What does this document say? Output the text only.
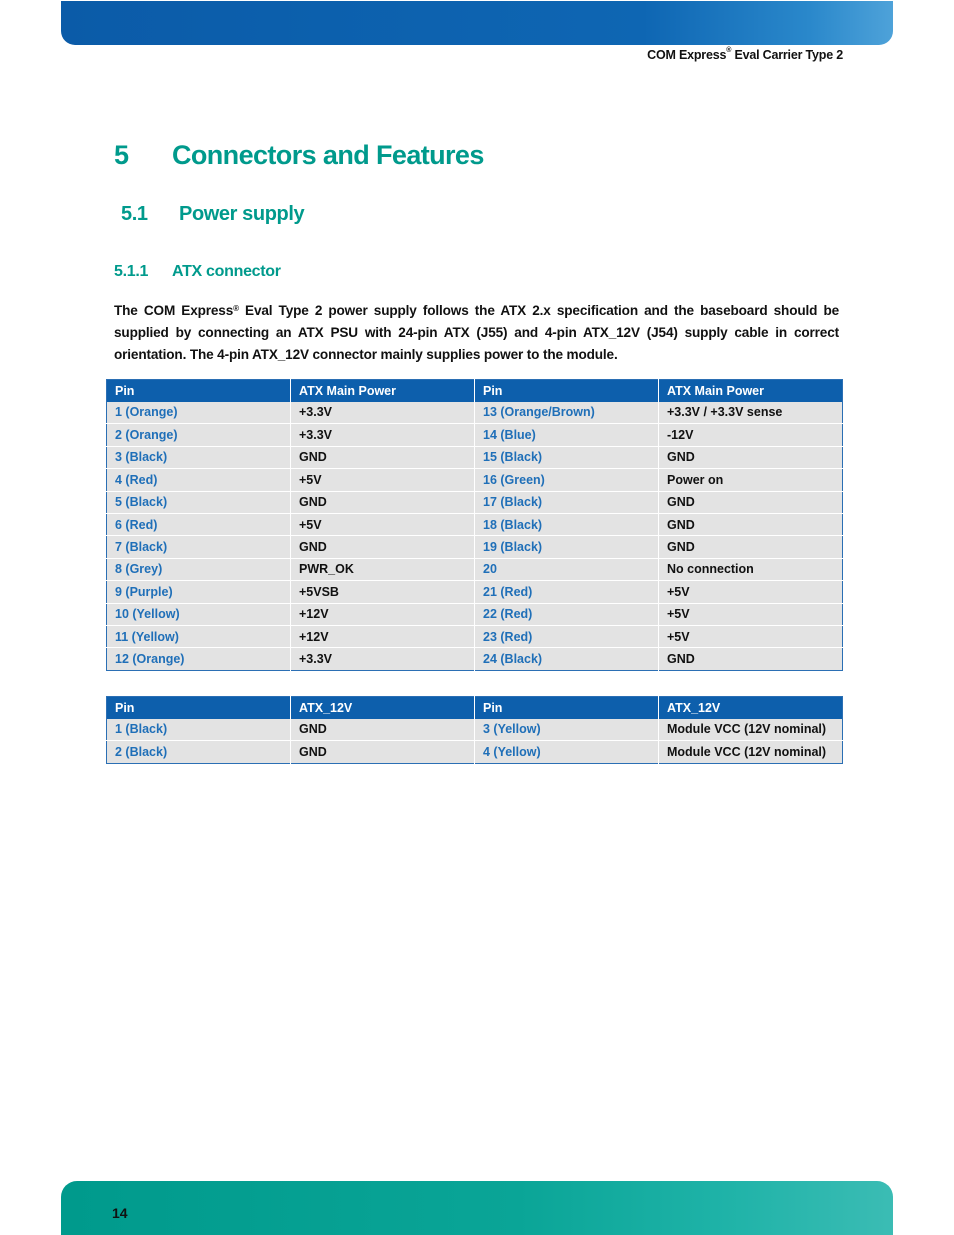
COM Express® Eval Carrier Type 2
5 Connectors and Features
5.1 Power supply
5.1.1 ATX connector

The COM Express® Eval Type 2 power supply follows the ATX 2.x specification and the baseboard should be supplied by connecting an ATX PSU with 24-pin ATX (J55) and 4-pin ATX_12V (J54) supply cable in correct orientation. The 4-pin ATX_12V connector mainly supplies power to the module.

Pin	ATX Main Power	Pin	ATX Main Power
1 (Orange)	+3.3V	13 (Orange/Brown)	+3.3V / +3.3V sense
2 (Orange)	+3.3V	14 (Blue)	-12V
3 (Black)	GND	15 (Black)	GND
4 (Red)	+5V	16 (Green)	Power on
5 (Black)	GND	17 (Black)	GND
6 (Red)	+5V	18 (Black)	GND
7 (Black)	GND	19 (Black)	GND
8 (Grey)	PWR_OK	20	No connection
9 (Purple)	+5VSB	21 (Red)	+5V
10 (Yellow)	+12V	22 (Red)	+5V
11 (Yellow)	+12V	23 (Red)	+5V
12 (Orange)	+3.3V	24 (Black)	GND
Pin	ATX_12V	Pin	ATX_12V
1 (Black)	GND	3 (Yellow)	Module VCC (12V nominal)
2 (Black)	GND	4 (Yellow)	Module VCC (12V nominal)
14
